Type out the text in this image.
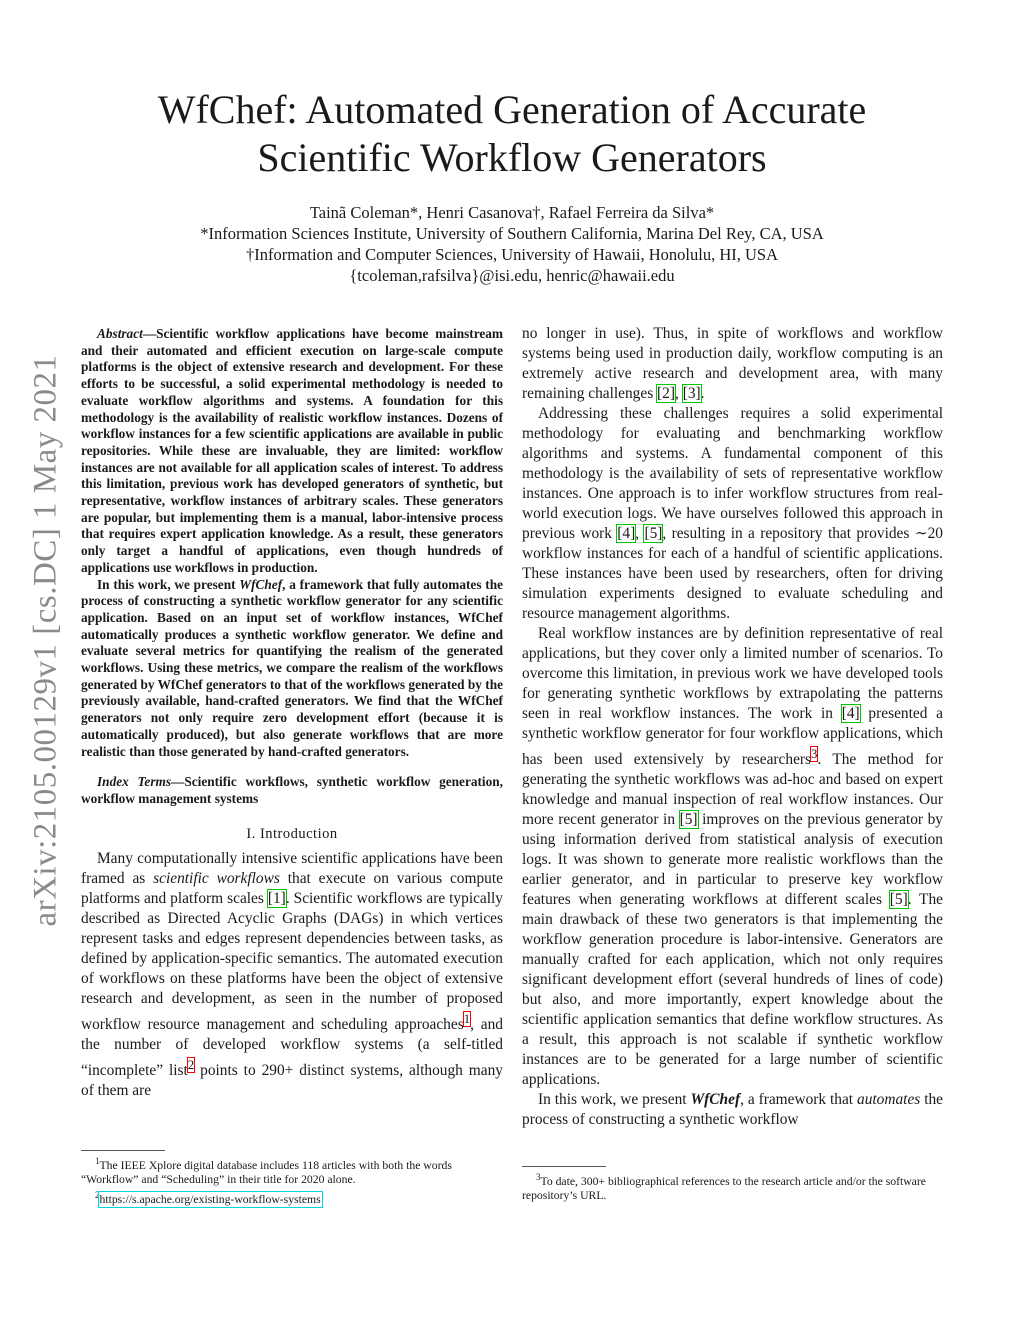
arXiv:2105.00129v1 [cs.DC] 1 May 2021
WfChef: Automated Generation of Accurate
Scientific Workflow Generators
Tainã Coleman*, Henri Casanova†, Rafael Ferreira da Silva*
*Information Sciences Institute, University of Southern California, Marina Del Rey, CA, USA
†Information and Computer Sciences, University of Hawaii, Honolulu, HI, USA
{tcoleman,rafsilva}@isi.edu, henric@hawaii.edu

Abstract—Scientific workflow applications have become mainstream and their automated and efficient execution on large-scale compute platforms is the object of extensive research and development. For these efforts to be successful, a solid experimental methodology is needed to evaluate workflow algorithms and systems. A foundation for this methodology is the availability of realistic workflow instances. Dozens of workflow instances for a few scientific applications are available in public repositories. While these are invaluable, they are limited: workflow instances are not available for all application scales of interest. To address this limitation, previous work has developed generators of synthetic, but representative, workflow instances of arbitrary scales. These generators are popular, but implementing them is a manual, labor-intensive process that requires expert application knowledge. As a result, these generators only target a handful of applications, even though hundreds of applications use workflows in production.

In this work, we present WfChef, a framework that fully automates the process of constructing a synthetic workflow generator for any scientific application. Based on an input set of workflow instances, WfChef automatically produces a synthetic workflow generator. We define and evaluate several metrics for quantifying the realism of the generated workflows. Using these metrics, we compare the realism of the workflows generated by WfChef generators to that of the workflows generated by the previously available, hand-crafted generators. We find that the WfChef generators not only require zero development effort (because it is automatically produced), but also generate workflows that are more realistic than those generated by hand-crafted generators.

Index Terms—Scientific workflows, synthetic workflow generation, workflow management systems

I. Introduction

Many computationally intensive scientific applications have been framed as scientific workflows that execute on various compute platforms and platform scales [1]. Scientific workflows are typically described as Directed Acyclic Graphs (DAGs) in which vertices represent tasks and edges represent dependencies between tasks, as defined by application-specific semantics. The automated execution of workflows on these platforms have been the object of extensive research and development, as seen in the number of proposed workflow resource management and scheduling approaches$^1$, and the number of developed workflow systems (a self-titled “incomplete” list$^2$ points to 290+ distinct systems, although many of them are

no longer in use). Thus, in spite of workflows and workflow systems being used in production daily, workflow computing is an extremely active research and development area, with many remaining challenges [2], [3].

Addressing these challenges requires a solid experimental methodology for evaluating and benchmarking workflow algorithms and systems. A fundamental component of this methodology is the availability of sets of representative workflow instances. One approach is to infer workflow structures from real-world execution logs. We have ourselves followed this approach in previous work [4], [5], resulting in a repository that provides ∼20 workflow instances for each of a handful of scientific applications. These instances have been used by researchers, often for driving simulation experiments designed to evaluate scheduling and resource management algorithms.

Real workflow instances are by definition representative of real applications, but they cover only a limited number of scenarios. To overcome this limitation, in previous work we have developed tools for generating synthetic workflows by extrapolating the patterns seen in real workflow instances. The work in [4] presented a synthetic workflow generator for four workflow applications, which has been used extensively by researchers$^3$. The method for generating the synthetic workflows was ad-hoc and based on expert knowledge and manual inspection of real workflow instances. Our more recent generator in [5] improves on the previous generator by using information derived from statistical analysis of execution logs. It was shown to generate more realistic workflows than the earlier generator, and in particular to preserve key workflow features when generating workflows at different scales [5]. The main drawback of these two generators is that implementing the workflow generation procedure is labor-intensive. Generators are manually crafted for each application, which not only requires significant development effort (several hundreds of lines of code) but also, and more importantly, expert knowledge about the scientific application semantics that define workflow structures. As a result, this approach is not scalable if synthetic workflow instances are to be generated for a large number of scientific applications.

In this work, we present WfChef, a framework that automates the process of constructing a synthetic workflow

$^1$The IEEE Xplore digital database includes 118 articles with both the words “Workflow” and “Scheduling” in their title for 2020 alone.

$^2$https://s.apache.org/existing-workflow-systems

$^3$To date, 300+ bibliographical references to the research article and/or the software repository’s URL.
